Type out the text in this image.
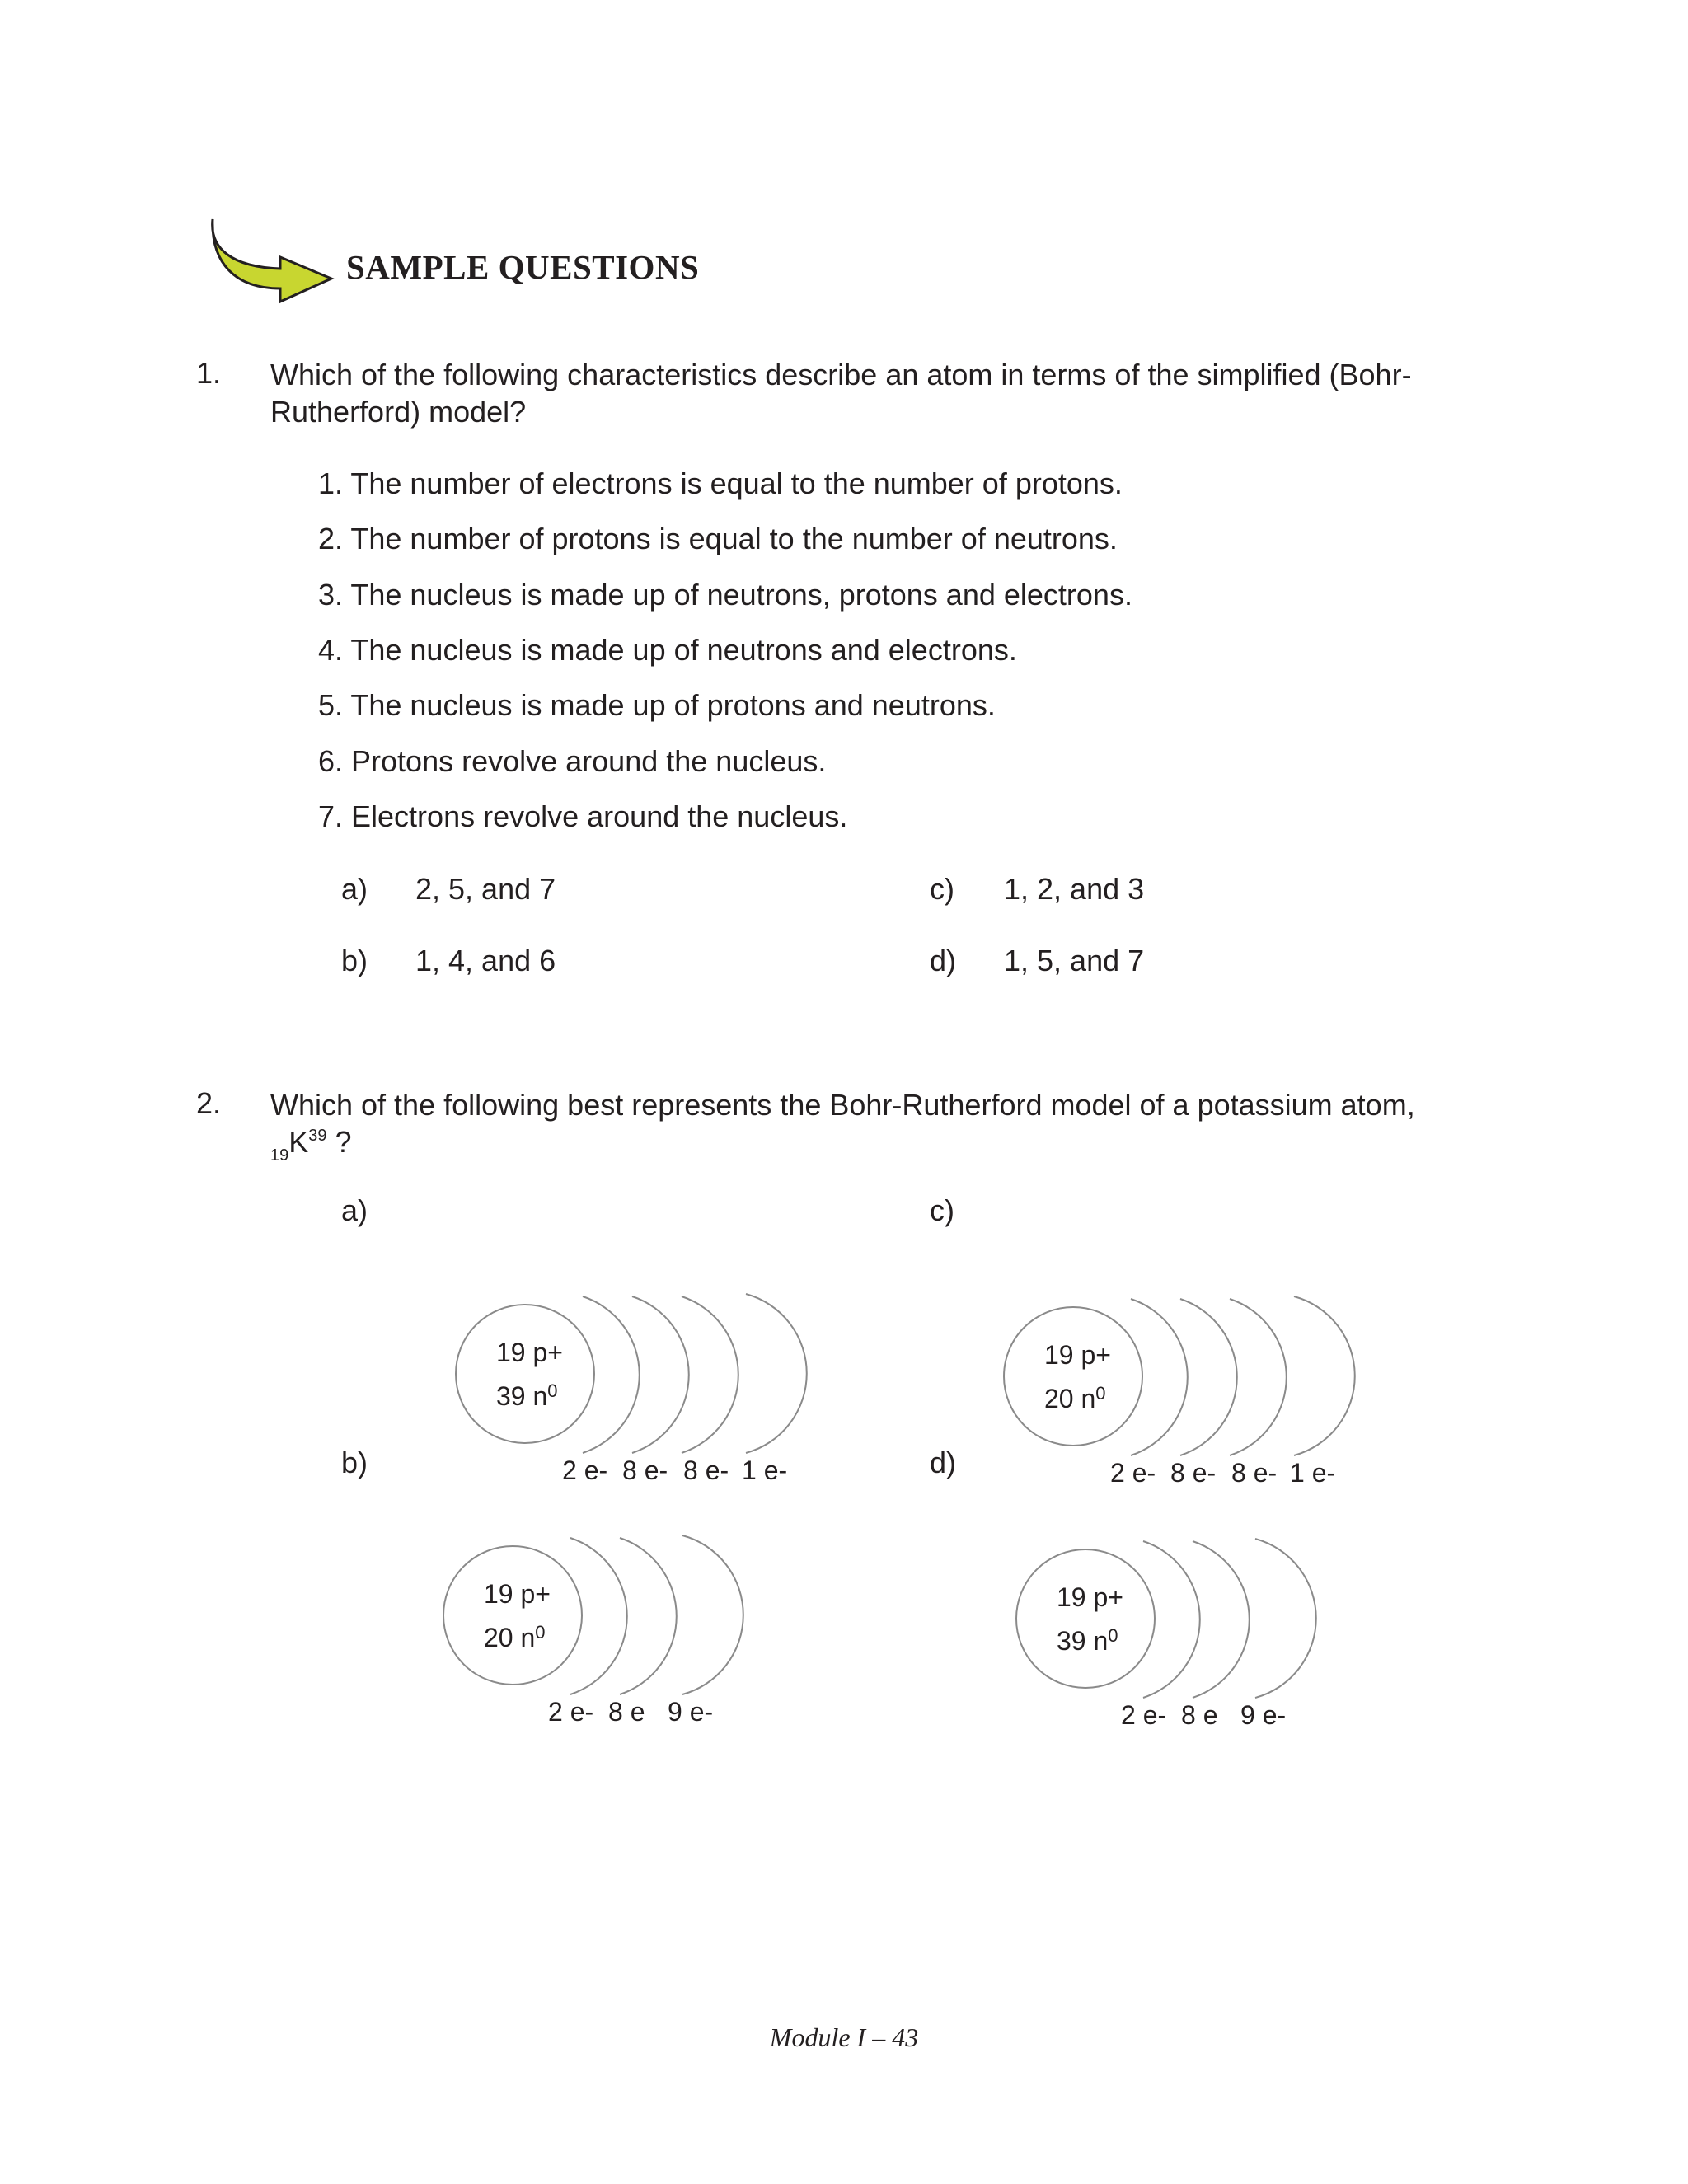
SAMPLE QUESTIONS
1. Which of the following characteristics describe an atom in terms of the simplified (Bohr-
Rutherford) model?
1. The number of electrons is equal to the number of protons.
2. The number of protons is equal to the number of neutrons.
3. The nucleus is made up of neutrons, protons and electrons.
4. The nucleus is made up of neutrons and electrons.
5. The nucleus is made up of protons and neutrons.
6. Protons revolve around the nucleus.
7. Electrons revolve around the nucleus.
a) 2, 5, and 7
b) 1, 4, and 6
c) 1, 2, and 3
d) 1, 5, and 7
2. Which of the following best represents the Bohr-Rutherford model of a potassium atom,
$_{19}K^{39}$ ?
a)	c)
b)	d)
19 p+
39 $n^0$
2 e- 8 e- 8 e- 1 e-
19 p+
20 $n^0$
2 e- 8 e- 8 e- 1 e-
19 p+
20 $n^0$
2 e- 8 e 9 e-
19 p+
39 $n^0$
2 e- 8 e 9 e-
Module I – 43
